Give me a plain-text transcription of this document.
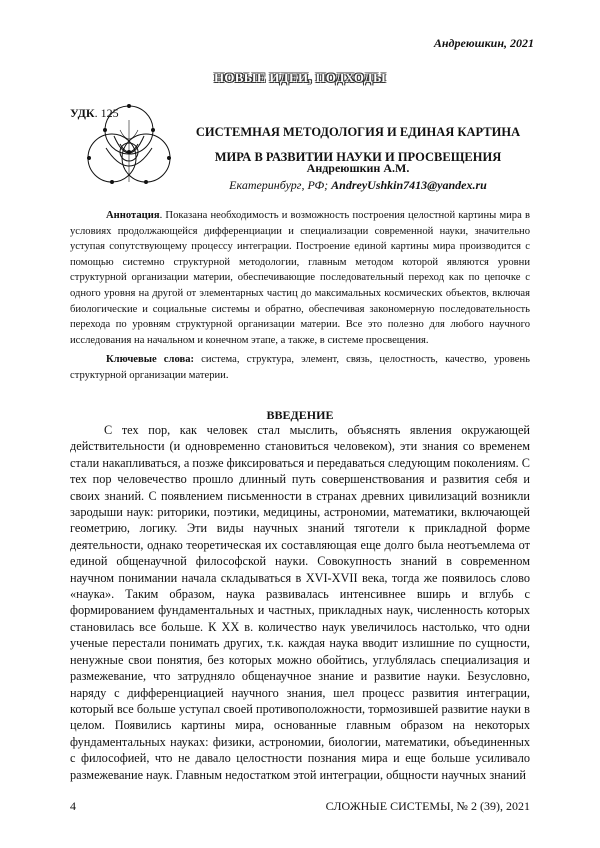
Андреюшкин, 2021
НОВЫЕ ИДЕИ, ПОДХОДЫ
УДК. 125
СИСТЕМНАЯ МЕТОДОЛОГИЯ И ЕДИНАЯ КАРТИНА
МИРА В РАЗВИТИИ НАУКИ И ПРОСВЕЩЕНИЯ
Андреюшкин А.М.
Екатеринбург, РФ; AndreyUshkin7413@yandex.ru

Аннотация. Показана необходимость и возможность построения целостной картины мира в условиях продолжающейся дифференциации и специализации современной науки, значительно уступая сопутствующему процессу интеграции. Построение единой картины мира производится с помощью системно структурной методологии, главным методом которой являются уровни структурной организации материи, обеспечивающие последовательный переход как по цепочке с одного уровня на другой от элементарных частиц до максимальных космических объектов, включая биологические и социальные системы и обратно, обеспечивая закономерную последовательность перехода по уровням структурной организации материи. Все это полезно для любого научного исследования на начальном и конечном этапе, а также, в системе просвещения.

Ключевые слова: система, структура, элемент, связь, целостность, качество, уровень структурной организации материи.

ВВЕДЕНИЕ

С тех пор, как человек стал мыслить, объяснять явления окружающей действительности (и одновременно становиться человеком), эти знания со временем стали накапливаться, а позже фиксироваться и передаваться следующим поколениям. С тех пор человечество прошло длинный путь совершенствования и развития себя и своих знаний. С появлением письменности в странах древних цивилизаций возникли зародыши наук: риторики, поэтики, медицины, астрономии, математики, включающей геометрию, логику. Эти виды научных знаний тяготели к прикладной форме деятельности, однако теоретическая их составляющая еще долго была неотъемлема от единой общенаучной философской науки. Совокупность знаний в современном научном понимании начала складываться в XVI-XVII века, тогда же появилось слово «наука». Таким образом, наука развивалась интенсивнее вширь и вглубь с формированием фундаментальных и частных, прикладных наук, численность которых становилась все больше. К XX в. количество наук увеличилось настолько, что одни ученые перестали понимать других, т.к. каждая наука вводит излишние по сущности, ненужные свои понятия, без которых можно обойтись, углублялась специализация и размежевание, что затрудняло общенаучное знание и развитие науки. Безусловно, наряду с дифференциацией научного знания, шел процесс развития интеграции, который все больше уступал своей противоположности, тормозившей развитие науки в целом. Появились картины мира, основанные главным образом на некоторых фундаментальных науках: физики, астрономии, биологии, математики, объединенных с философией, что не давало целостности познания мира и еще больше усиливало размежевание наук. Главным недостатком этой интеграции, общности научных знаний

4	СЛОЖНЫЕ СИСТЕМЫ, № 2 (39), 2021
